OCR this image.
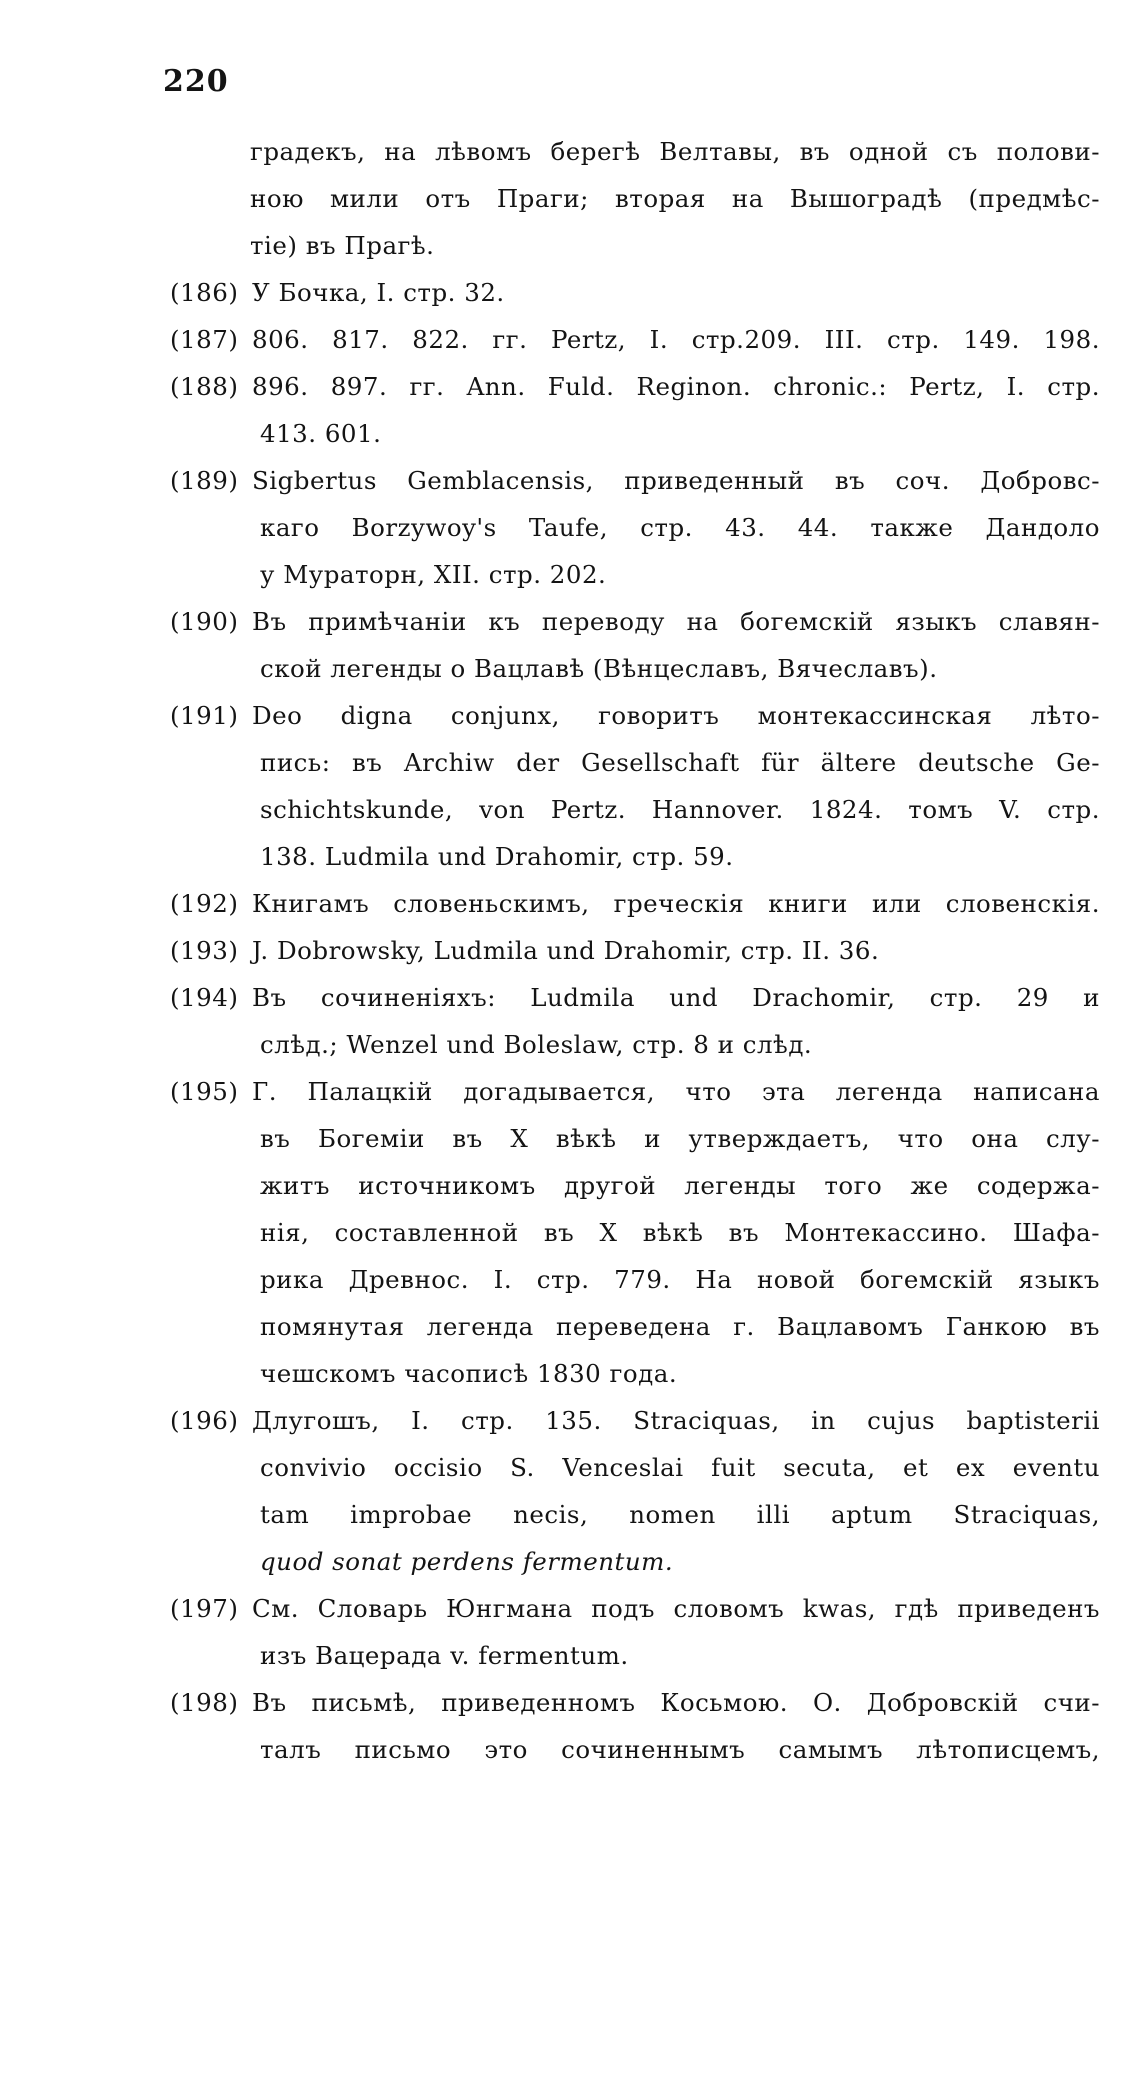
220
градекъ, на лѣвомъ берегѣ Велтавы, въ одной съ полови-
ною мили отъ Праги; вторая на Вышоградѣ (предмѣс-
тіе) въ Прагѣ.
(186) У Бочка, I. стр. 32.
(187) 806. 817. 822. гг. Pertz, I. стр.209. III. стр. 149. 198.
(188) 896. 897. гг. Ann. Fuld. Reginon. chronic.: Pertz, I. стр.
413. 601.
(189) Sigbertus Gemblacensis, приведенный въ соч. Добровс-
каго Borzywoy's Taufe, стр. 43. 44. также Дандоло
у Мураторн, XII. стр. 202.
(190) Въ примѣчаніи къ переводу на богемскій языкъ славян-
ской легенды о Вацлавѣ (Вѣнцеславъ, Вячеславъ).
(191) Deo digna conjunx, говоритъ монтекассинская лѣто-
пись: въ Archiw der Gesellschaft für ältere deutsche Ge-
schichtskunde, von Pertz. Hannover. 1824. томъ V. стр.
138. Ludmila und Drahomir, стр. 59.
(192) Книгамъ словеньскимъ, греческія книги или словенскія.
(193) J. Dobrowsky, Ludmila und Drahomir, стр. II. 36.
(194) Въ сочиненіяхъ: Ludmila und Drachomir, стр. 29 и
слѣд.; Wenzel und Boleslaw, стр. 8 и слѣд.
(195) Г. Палацкій догадывается, что эта легенда написана
въ Богеміи въ X вѣкѣ и утверждаетъ, что она слу-
житъ источникомъ другой легенды того же содержа-
нія, составленной въ X вѣкѣ въ Монтекассино. Шафа-
рика Древнос. I. стр. 779. На новой богемскій языкъ
помянутая легенда переведена г. Вацлавомъ Ганкою въ
чешскомъ часописѣ 1830 года.
(196) Длугошъ, I. стр. 135. Straciquas, in cujus baptisterii
convivio occisio S. Venceslai fuit secuta, et ex eventu
tam improbae necis, nomen illi aptum Straciquas,
quod sonat perdens fermentum.
(197) См. Словарь Юнгмана подъ словомъ kwas, гдѣ приведенъ
изъ Вацерада v. fermentum.
(198) Въ письмѣ, приведенномъ Косьмою. О. Добровскій счи-
талъ письмо это сочиненнымъ самымъ лѣтописцемъ,
